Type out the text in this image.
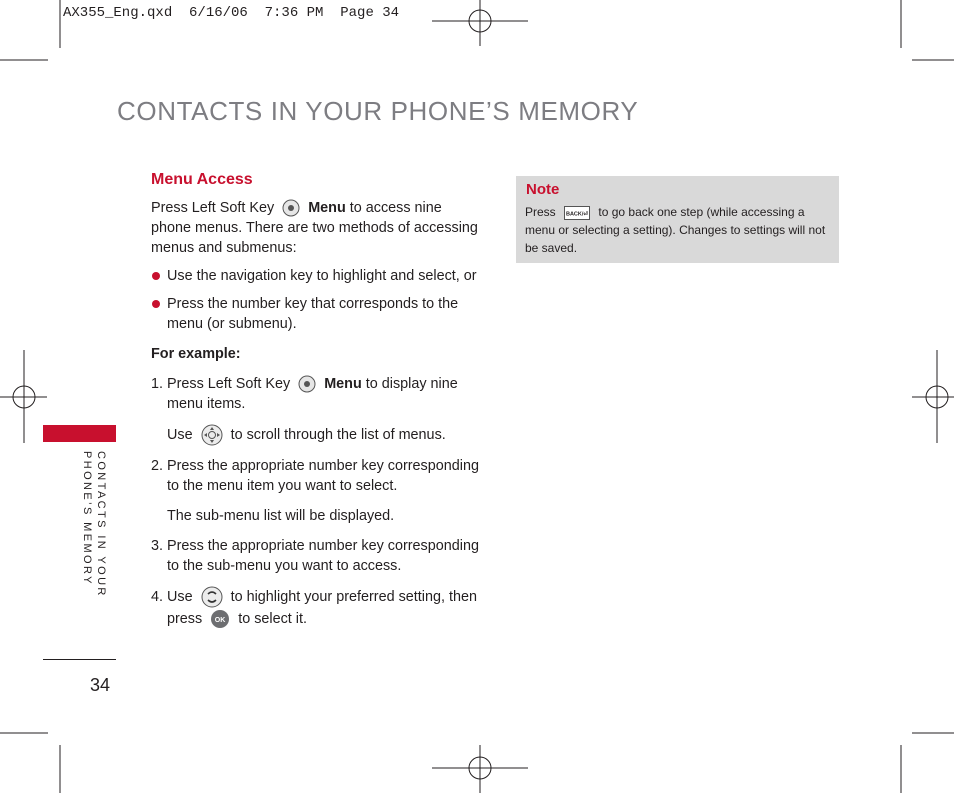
AX355_Eng.qxd  6/16/06  7:36 PM  Page 34
CONTACTS IN YOUR PHONE’S MEMORY

Menu Access

Press Left Soft Key Menu to access nine phone menus. There are two methods of accessing menus and submenus:

Use the navigation key to highlight and select, or

Press the number key that corresponds to the menu (or submenu).

For example:

1. Press Left Soft Key Menu to display nine menu items.

Use	to scroll through the list of menus.

2. Press the appropriate number key corresponding to the menu item you want to select.

The sub-menu list will be displayed.

3. Press the appropriate number key corresponding to the sub-menu you want to access.

4. Use	to highlight your preferred setting, then press OK to select it.

Note
Press BACK/⏎ to go back one step (while accessing a menu or selecting a setting). Changes to settings will not be saved.
CONTACTS IN YOUR
PHONE’S MEMORY
34
